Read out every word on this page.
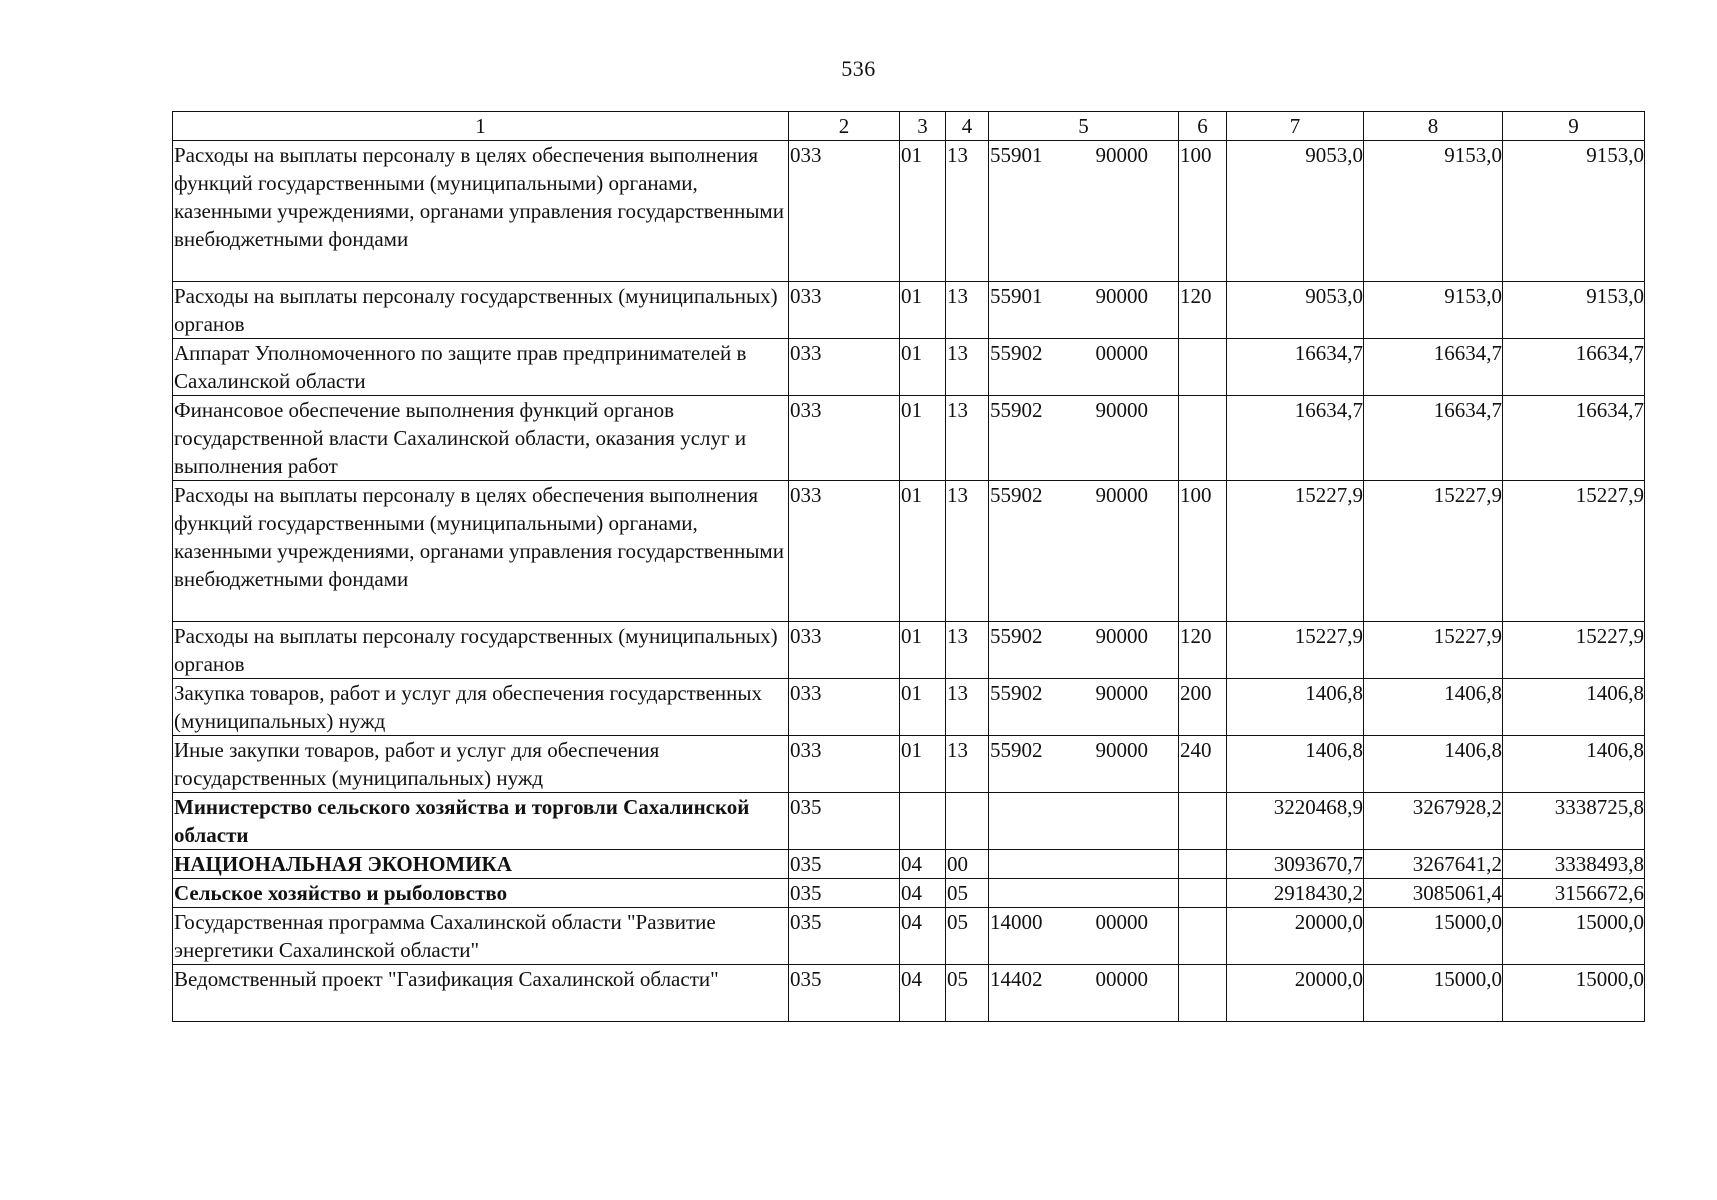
536
1	2	3	4	5	6	7	8	9
Расходы на выплаты персоналу в целях обеспечения выполнения функций государственными (муниципальными) органами, казенными учреждениями, органами управления государственными внебюджетными фондами	033	01	13	55901 90000	100	9053,0	9153,0	9153,0
Расходы на выплаты персоналу государственных (муниципальных) органов	033	01	13	55901 90000	120	9053,0	9153,0	9153,0
Аппарат Уполномоченного по защите прав предпринимателей в Сахалинской области	033	01	13	55902 00000		16634,7	16634,7	16634,7
Финансовое обеспечение выполнения функций органов государственной власти Сахалинской области, оказания услуг и выполнения работ	033	01	13	55902 90000		16634,7	16634,7	16634,7
Расходы на выплаты персоналу в целях обеспечения выполнения функций государственными (муниципальными) органами, казенными учреждениями, органами управления государственными внебюджетными фондами	033	01	13	55902 90000	100	15227,9	15227,9	15227,9
Расходы на выплаты персоналу государственных (муниципальных) органов	033	01	13	55902 90000	120	15227,9	15227,9	15227,9
Закупка товаров, работ и услуг для обеспечения государственных (муниципальных) нужд	033	01	13	55902 90000	200	1406,8	1406,8	1406,8
Иные закупки товаров, работ и услуг для обеспечения государственных (муниципальных) нужд	033	01	13	55902 90000	240	1406,8	1406,8	1406,8
Министерство сельского хозяйства и торговли Сахалинской области	035					3220468,9	3267928,2	3338725,8
НАЦИОНАЛЬНАЯ ЭКОНОМИКА	035	04	00			3093670,7	3267641,2	3338493,8
Сельское хозяйство и рыболовство	035	04	05			2918430,2	3085061,4	3156672,6
Государственная программа Сахалинской области "Развитие энергетики Сахалинской области"	035	04	05	14000 00000		20000,0	15000,0	15000,0
Ведомственный проект "Газификация Сахалинской области"	035	04	05	14402 00000		20000,0	15000,0	15000,0
